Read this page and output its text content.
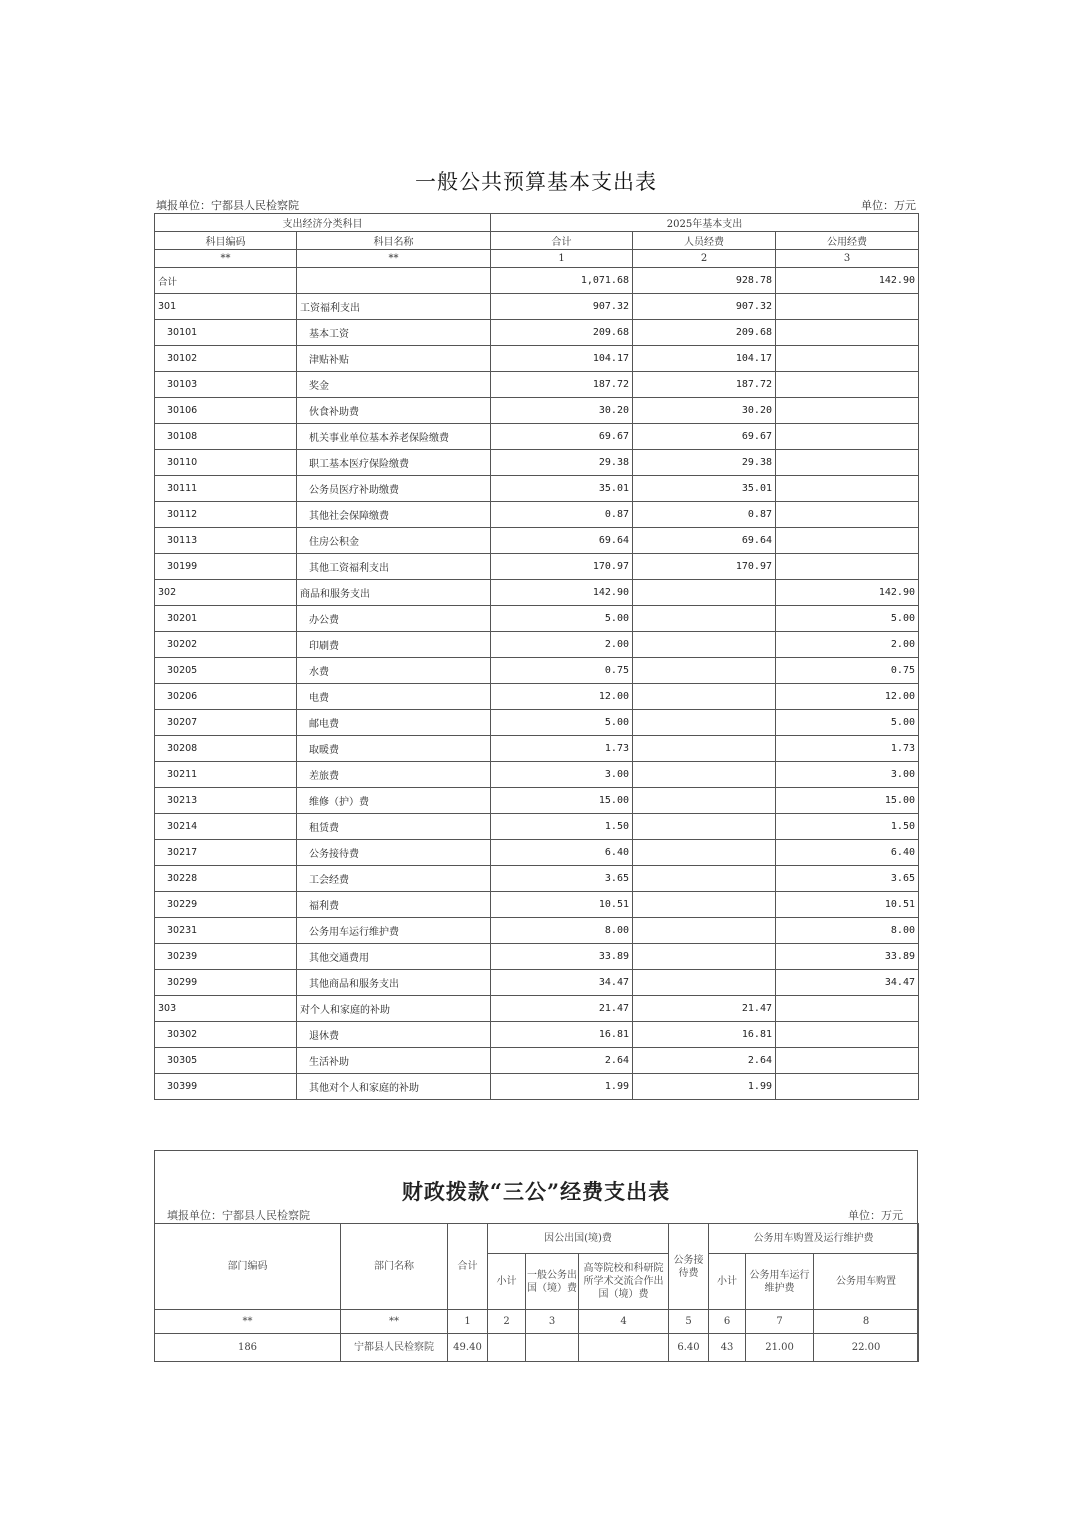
一般公共预算基本支出表
填报单位：宁都县人民检察院	单位：万元
支出经济分类科目		2025年基本支出		
科目编码	科目名称	合计	人员经费	公用经费
**	**	1	2	3
合计		1,071.68	928.78	142.90
301	工资福利支出	907.32	907.32	
30101	基本工资	209.68	209.68	
30102	津贴补贴	104.17	104.17	
30103	奖金	187.72	187.72	
30106	伙食补助费	30.20	30.20	
30108	机关事业单位基本养老保险缴费	69.67	69.67	
30110	职工基本医疗保险缴费	29.38	29.38	
30111	公务员医疗补助缴费	35.01	35.01	
30112	其他社会保障缴费	0.87	0.87	
30113	住房公积金	69.64	69.64	
30199	其他工资福利支出	170.97	170.97	
302	商品和服务支出	142.90		142.90
30201	办公费	5.00		5.00
30202	印刷费	2.00		2.00
30205	水费	0.75		0.75
30206	电费	12.00		12.00
30207	邮电费	5.00		5.00
30208	取暖费	1.73		1.73
30211	差旅费	3.00		3.00
30213	维修（护）费	15.00		15.00
30214	租赁费	1.50		1.50
30217	公务接待费	6.40		6.40
30228	工会经费	3.65		3.65
30229	福利费	10.51		10.51
30231	公务用车运行维护费	8.00		8.00
30239	其他交通费用	33.89		33.89
30299	其他商品和服务支出	34.47		34.47
303	对个人和家庭的补助	21.47	21.47	
30302	退休费	16.81	16.81	
30305	生活补助	2.64	2.64	
30399	其他对个人和家庭的补助	1.99	1.99	
财政拨款“三公”经费支出表
填报单位：宁都县人民检察院	单位：万元
部门编码	部门名称	合计	因公出国(境)费			公务接待费	公务用车购置及运行维护费		
			小计	一般公务出国（境）费	高等院校和科研院所学术交流合作出国（境）费		小计	公务用车运行维护费	公务用车购置
**	**	1	2	3	4	5	6	7	8
186	宁都县人民检察院	49.40				6.40	43	21.00	22.00
